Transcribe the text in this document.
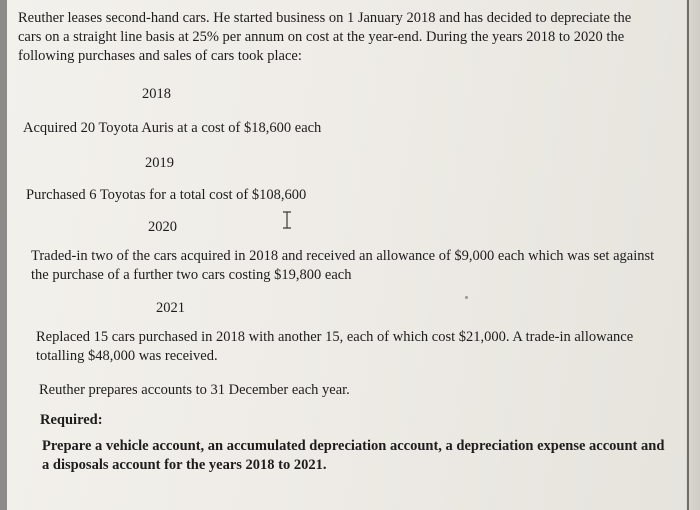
Reuther leases second-hand cars. He started business on 1 January 2018 and has decided to depreciate the

cars on a straight line basis at 25% per annum on cost at the year-end. During the years 2018 to 2020 the

following purchases and sales of cars took place:

2018

Acquired 20 Toyota Auris at a cost of $18,600 each

2019

Purchased 6 Toyotas for a total cost of $108,600

2020

Traded-in two of the cars acquired in 2018 and received an allowance of $9,000 each which was set against

the purchase of a further two cars costing $19,800 each

2021

Replaced 15 cars purchased in 2018 with another 15, each of which cost $21,000. A trade-in allowance

totalling $48,000 was received.

Reuther prepares accounts to 31 December each year.

Required:

Prepare a vehicle account, an accumulated depreciation account, a depreciation expense account and

a disposals account for the years 2018 to 2021.
